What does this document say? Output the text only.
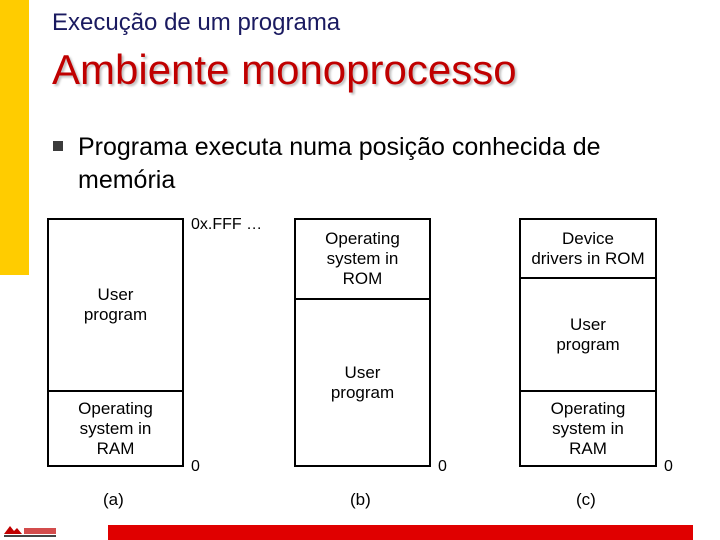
Execução de um programa
Ambiente monoprocesso
Programa executa numa posição conhecida de memória
User
program
Operating
system in
RAM
0x.FFF …
0
(a)
Operating
system in
ROM
User
program
0
(b)
Device
drivers in ROM
User
program
Operating
system in
RAM
0
(c)
